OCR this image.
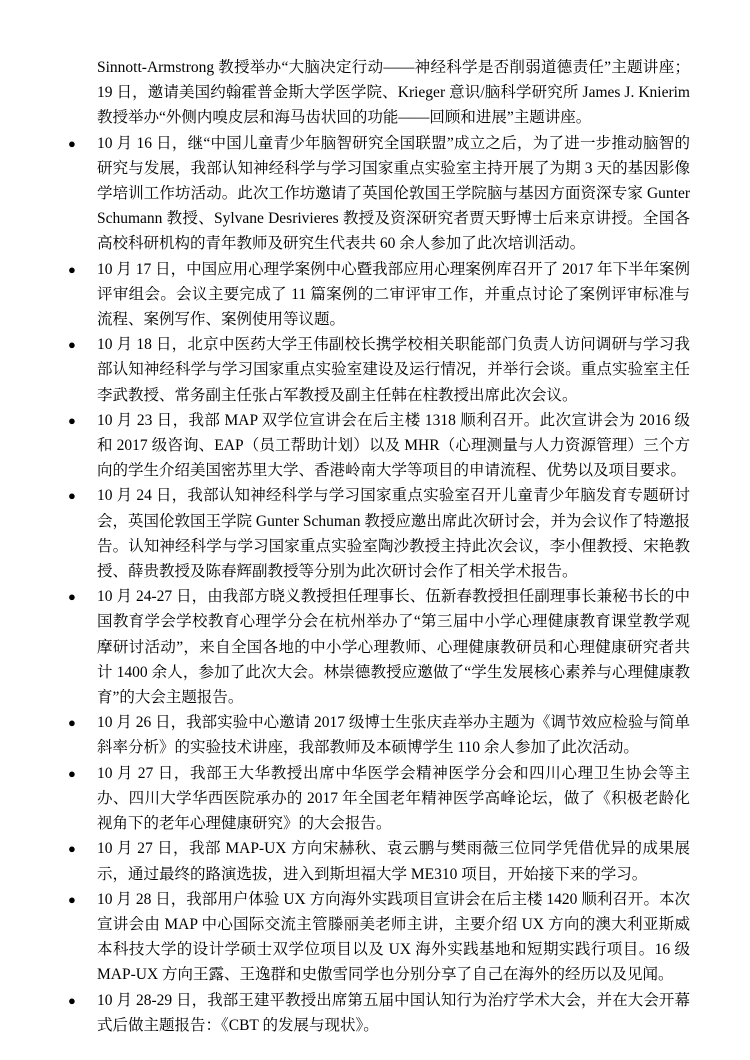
Sinnott-Armstrong 教授举办“大脑决定行动——神经科学是否削弱道德责任”主题讲座；19 日，邀请美国约翰霍普金斯大学医学院、Krieger 意识/脑科学研究所 James J. Knierim 教授举办“外侧内嗅皮层和海马齿状回的功能——回顾和进展”主题讲座。

●	10 月 16 日，继“中国儿童青少年脑智研究全国联盟”成立之后，为了进一步推动脑智的研究与发展，我部认知神经科学与学习国家重点实验室主持开展了为期 3 天的基因影像学培训工作坊活动。此次工作坊邀请了英国伦敦国王学院脑与基因方面资深专家 Gunter Schumann 教授、Sylvane Desrivieres 教授及资深研究者贾天野博士后来京讲授。全国各高校科研机构的青年教师及研究生代表共 60 余人参加了此次培训活动。

●	10 月 17 日，中国应用心理学案例中心暨我部应用心理案例库召开了 2017 年下半年案例评审组会。会议主要完成了 11 篇案例的二审评审工作，并重点讨论了案例评审标准与流程、案例写作、案例使用等议题。

●	10 月 18 日，北京中医药大学王伟副校长携学校相关职能部门负责人访问调研与学习我部认知神经科学与学习国家重点实验室建设及运行情况，并举行会谈。重点实验室主任李武教授、常务副主任张占军教授及副主任韩在柱教授出席此次会议。

●	10 月 23 日，我部 MAP 双学位宣讲会在后主楼 1318 顺利召开。此次宣讲会为 2016 级和 2017 级咨询、EAP（员工帮助计划）以及 MHR（心理测量与人力资源管理）三个方向的学生介绍美国密苏里大学、香港岭南大学等项目的申请流程、优势以及项目要求。

●	10 月 24 日，我部认知神经科学与学习国家重点实验室召开儿童青少年脑发育专题研讨会，英国伦敦国王学院 Gunter Schuman 教授应邀出席此次研讨会，并为会议作了特邀报告。认知神经科学与学习国家重点实验室陶沙教授主持此次会议，李小俚教授、宋艳教授、薛贵教授及陈春辉副教授等分别为此次研讨会作了相关学术报告。

●	10 月 24-27 日，由我部方晓义教授担任理事长、伍新春教授担任副理事长兼秘书长的中国教育学会学校教育心理学分会在杭州举办了“第三届中小学心理健康教育课堂教学观摩研讨活动”，来自全国各地的中小学心理教师、心理健康教研员和心理健康研究者共计 1400 余人，参加了此次大会。林崇德教授应邀做了“学生发展核心素养与心理健康教育”的大会主题报告。

●	10 月 26 日，我部实验中心邀请 2017 级博士生张庆垚举办主题为《调节效应检验与简单斜率分析》的实验技术讲座，我部教师及本硕博学生 110 余人参加了此次活动。

●	10 月 27 日，我部王大华教授出席中华医学会精神医学分会和四川心理卫生协会等主办、四川大学华西医院承办的 2017 年全国老年精神医学高峰论坛，做了《积极老龄化视角下的老年心理健康研究》的大会报告。

●	10 月 27 日，我部 MAP-UX 方向宋赫秋、袁云鹏与樊雨薇三位同学凭借优异的成果展示，通过最终的路演选拔，进入到斯坦福大学 ME310 项目，开始接下来的学习。

●	10 月 28 日，我部用户体验 UX 方向海外实践项目宣讲会在后主楼 1420 顺利召开。本次宣讲会由 MAP 中心国际交流主管滕丽美老师主讲，主要介绍 UX 方向的澳大利亚斯威本科技大学的设计学硕士双学位项目以及 UX 海外实践基地和短期实践行项目。16 级 MAP-UX 方向王露、王逸群和史傲雪同学也分别分享了自己在海外的经历以及见闻。

●	10 月 28-29 日，我部王建平教授出席第五届中国认知行为治疗学术大会，并在大会开幕式后做主题报告：《CBT 的发展与现状》。
